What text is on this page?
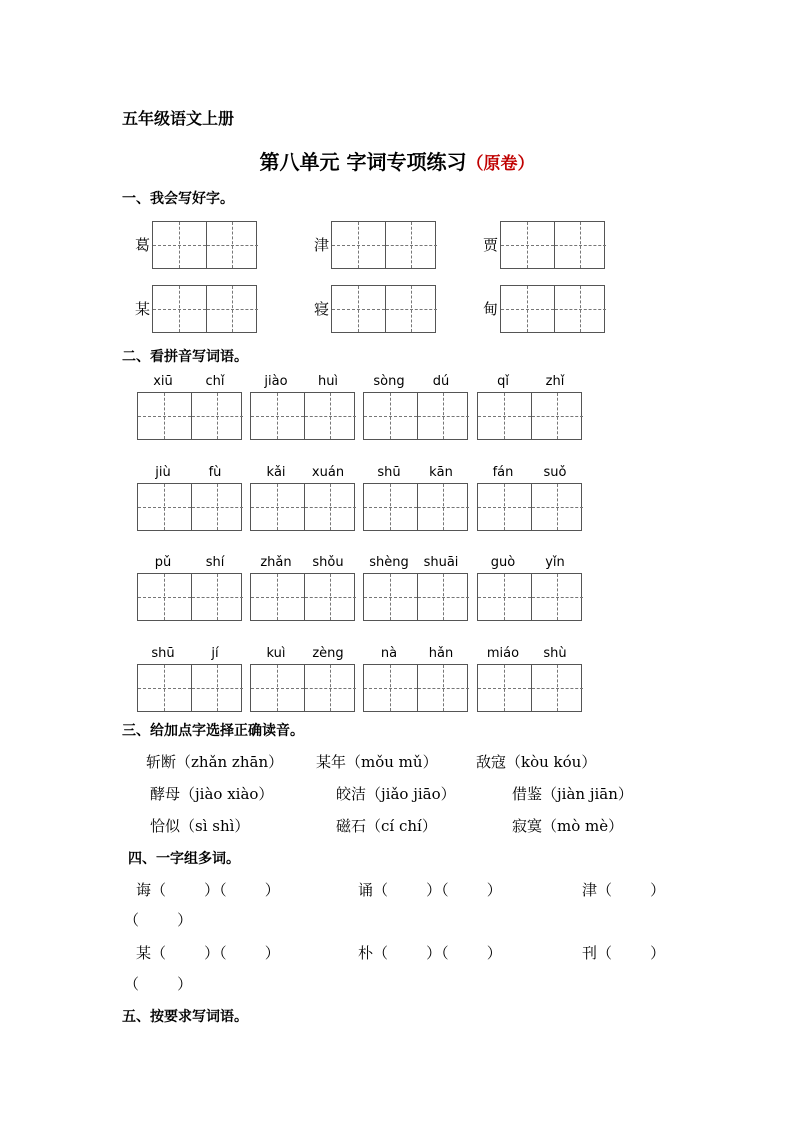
五年级语文上册
第八单元 字词专项练习（原卷）
一、我会写好字。
葛	津	贾
某	寝	甸
二、看拼音写词语。
xiū	chǐ	jiào	huì	sòng	dú	qǐ	zhǐ
jiù	fù	kǎi	xuán	shū	kān	fán	suǒ
pǔ	shí	zhǎn	shǒu	shèng	shuāi	guò	yǐn
shū	jí	kuì	zèng	nà	hǎn	miáo	shù
三、给加点字选择正确读音。
斩断（zhǎn zhān） 某年（mǒu mǔ）	敌寇（kòu kóu）
酵母（jiào xiào）	皎洁（jiǎo jiāo）	借鉴（jiàn jiān）
恰似（sì shì）	磁石（cí chí）	寂寞（mò mè）
四、一字组多词。
诲（        ）（        ）	诵（        ）（        ）	津（        ）
（        ）
某（        ）（        ）	朴（        ）（        ）	刊（        ）
（        ）
五、按要求写词语。
